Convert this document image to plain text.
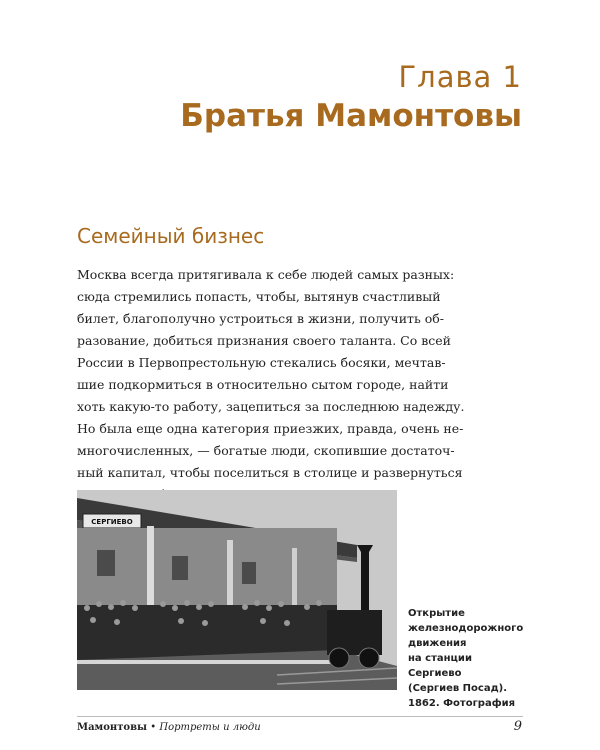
Глава 1
Братья Мамонтовы
Семейный бизнес
Москва всегда притягивала к себе людей самых разных:
сюда стремились попасть, чтобы, вытянув счастливый
билет, благополучно устроиться в жизни, получить об-
разование, добиться признания своего таланта. Со всей
России в Первопрестольную стекались босяки, мечтав-
шие подкормиться в относительно сытом городе, найти
хоть какую-то работу, зацепиться за последнюю надежду.
Но была еще одна категория приезжих, правда, очень не-
многочисленных, — богатые люди, скопившие достаточ-
ный капитал, чтобы поселиться в столице и развернуться
СЕРГИЕВО
Открытие
железнодорожного
движения
на станции
Сергиево
(Сергиев Посад).
1862. Фотография
Мамонтовы • Портреты и люди	9
